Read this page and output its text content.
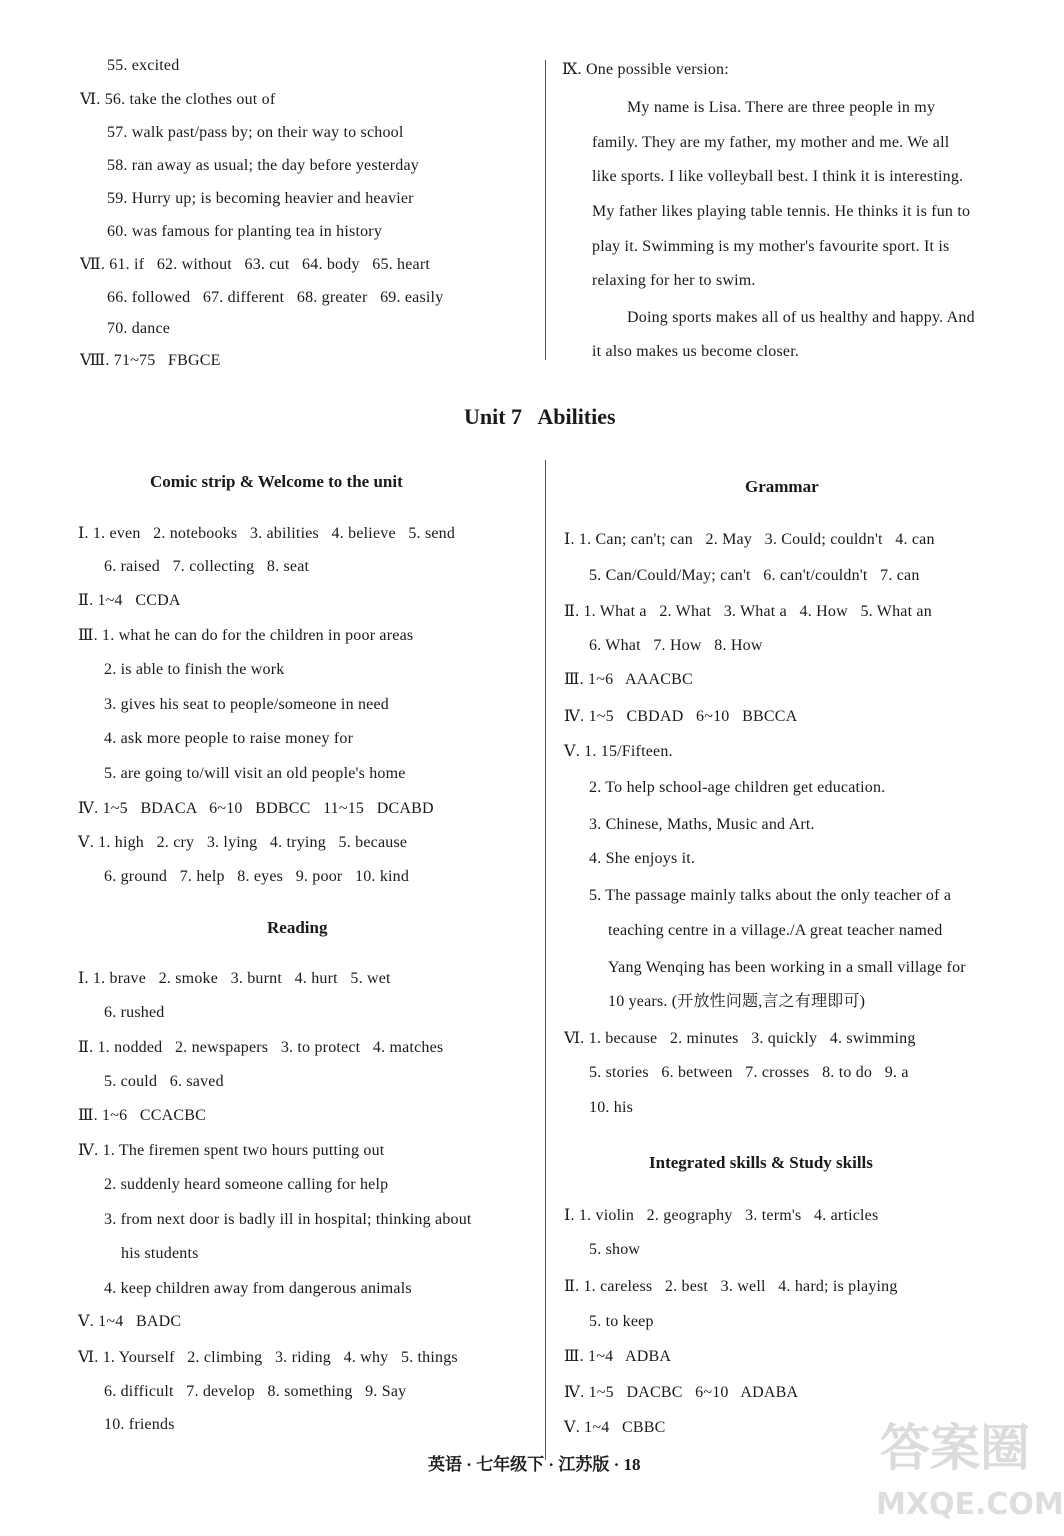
55. excited
Ⅵ. 56. take the clothes out of
57. walk past/pass by; on their way to school
58. ran away as usual; the day before yesterday
59. Hurry up; is becoming heavier and heavier
60. was famous for planting tea in history
Ⅶ. 61. if   62. without   63. cut   64. body   65. heart
66. followed   67. different   68. greater   69. easily
70. dance
Ⅷ. 71~75   FBGCE
Ⅸ. One possible version:
My name is Lisa. There are three people in my
family. They are my father, my mother and me. We all
like sports. I like volleyball best. I think it is interesting.
My father likes playing table tennis. He thinks it is fun to
play it. Swimming is my mother's favourite sport. It is
relaxing for her to swim.
Doing sports makes all of us healthy and happy. And
it also makes us become closer.
Unit 7   Abilities
Comic strip & Welcome to the unit	Grammar
Ⅰ. 1. even   2. notebooks   3. abilities   4. believe   5. send
6. raised   7. collecting   8. seat
Ⅱ. 1~4   CCDA
Ⅲ. 1. what he can do for the children in poor areas
2. is able to finish the work
3. gives his seat to people/someone in need
4. ask more people to raise money for
5. are going to/will visit an old people's home
Ⅳ. 1~5   BDACA   6~10   BDBCC   11~15   DCABD
Ⅴ. 1. high   2. cry   3. lying   4. trying   5. because
6. ground   7. help   8. eyes   9. poor   10. kind
Reading
Ⅰ. 1. brave   2. smoke   3. burnt   4. hurt   5. wet
6. rushed
Ⅱ. 1. nodded   2. newspapers   3. to protect   4. matches
5. could   6. saved
Ⅲ. 1~6   CCACBC
Ⅳ. 1. The firemen spent two hours putting out
2. suddenly heard someone calling for help
3. from next door is badly ill in hospital; thinking about
his students
4. keep children away from dangerous animals
Ⅴ. 1~4   BADC
Ⅵ. 1. Yourself   2. climbing   3. riding   4. why   5. things
6. difficult   7. develop   8. something   9. Say
10. friends
Ⅰ. 1. Can; can't; can   2. May   3. Could; couldn't   4. can
5. Can/Could/May; can't   6. can't/couldn't   7. can
Ⅱ. 1. What a   2. What   3. What a   4. How   5. What an
6. What   7. How   8. How
Ⅲ. 1~6   AAACBC
Ⅳ. 1~5   CBDAD   6~10   BBCCA
Ⅴ. 1. 15/Fifteen.
2. To help school-age children get education.
3. Chinese, Maths, Music and Art.
4. She enjoys it.
5. The passage mainly talks about the only teacher of a
teaching centre in a village./A great teacher named
Yang Wenqing has been working in a small village for
10 years. (开放性问题,言之有理即可)
Ⅵ. 1. because   2. minutes   3. quickly   4. swimming
5. stories   6. between   7. crosses   8. to do   9. a
10. his
Integrated skills & Study skills
Ⅰ. 1. violin   2. geography   3. term's   4. articles
5. show
Ⅱ. 1. careless   2. best   3. well   4. hard; is playing
5. to keep
Ⅲ. 1~4   ADBA
Ⅳ. 1~5   DACBC   6~10   ADABA
Ⅴ. 1~4   CBBC
英语 · 七年级下 · 江苏版 · 18	答案圈
MXQE.COM
